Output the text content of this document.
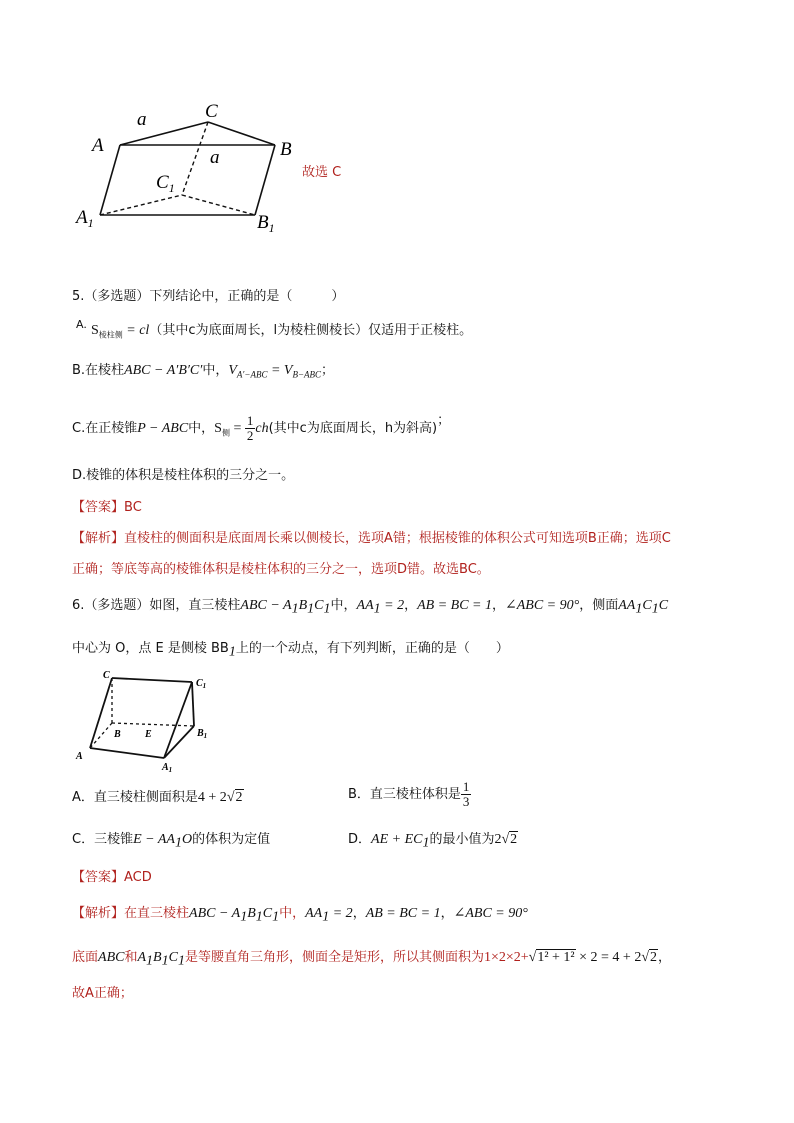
a	C
A
a	B
$C_1$
$A_1$	$B_1$
故选 C
5.（多选题）下列结论中，正确的是（　　　）
$^{A.}$ $S_{棱柱侧} = cl$（其中c为底面周长，l为棱柱侧棱长）仅适用于正棱柱。
B.在棱柱ABC − A′B′C′中，$V_{A'-ABC} = V_{B-ABC}$；
C.在正棱锥P − ABC中，$S_侧 = \frac{1}{2} ch$(其中c为底面周长，h为斜高)；
D.棱锥的体积是棱柱体积的三分之一。
【答案】BC
【解析】直棱柱的侧面积是底面周长乘以侧棱长，选项A错；根据棱锥的体积公式可知选项B正确；选项C
正确；等底等高的棱锥体积是棱柱体积的三分之一，选项D错。故选BC。
6.（多选题）如图，直三棱柱ABC − $A_1B_1C_1$中，$AA_1 = 2$，AB = BC = 1，∠ABC = 90°，侧面$AA_1C_1C$
中心为 O，点 E 是侧棱 $BB_1$上的一个动点，有下列判断，正确的是（　　）
C
$C_1$
B E	$B_1$
A
$A_1$
A．直三棱柱侧面积是4 + 2√2	B．直三棱柱体积是 $\frac{1}{3}$
C．三棱锥$E - AA_1O$的体积为定值	D．AE + $EC_1$的最小值为2√2
【答案】ACD
【解析】在直三棱柱ABC − $A_1B_1C_1$中，$AA_1 = 2$，AB = BC = 1，∠ABC = 90°
底面ABC和$A_1B_1C_1$是等腰直角三角形，侧面全是矩形，所以其侧面积为1×2×2+√1² + 1² × 2 = 4 + 2√2，
故A正确；
